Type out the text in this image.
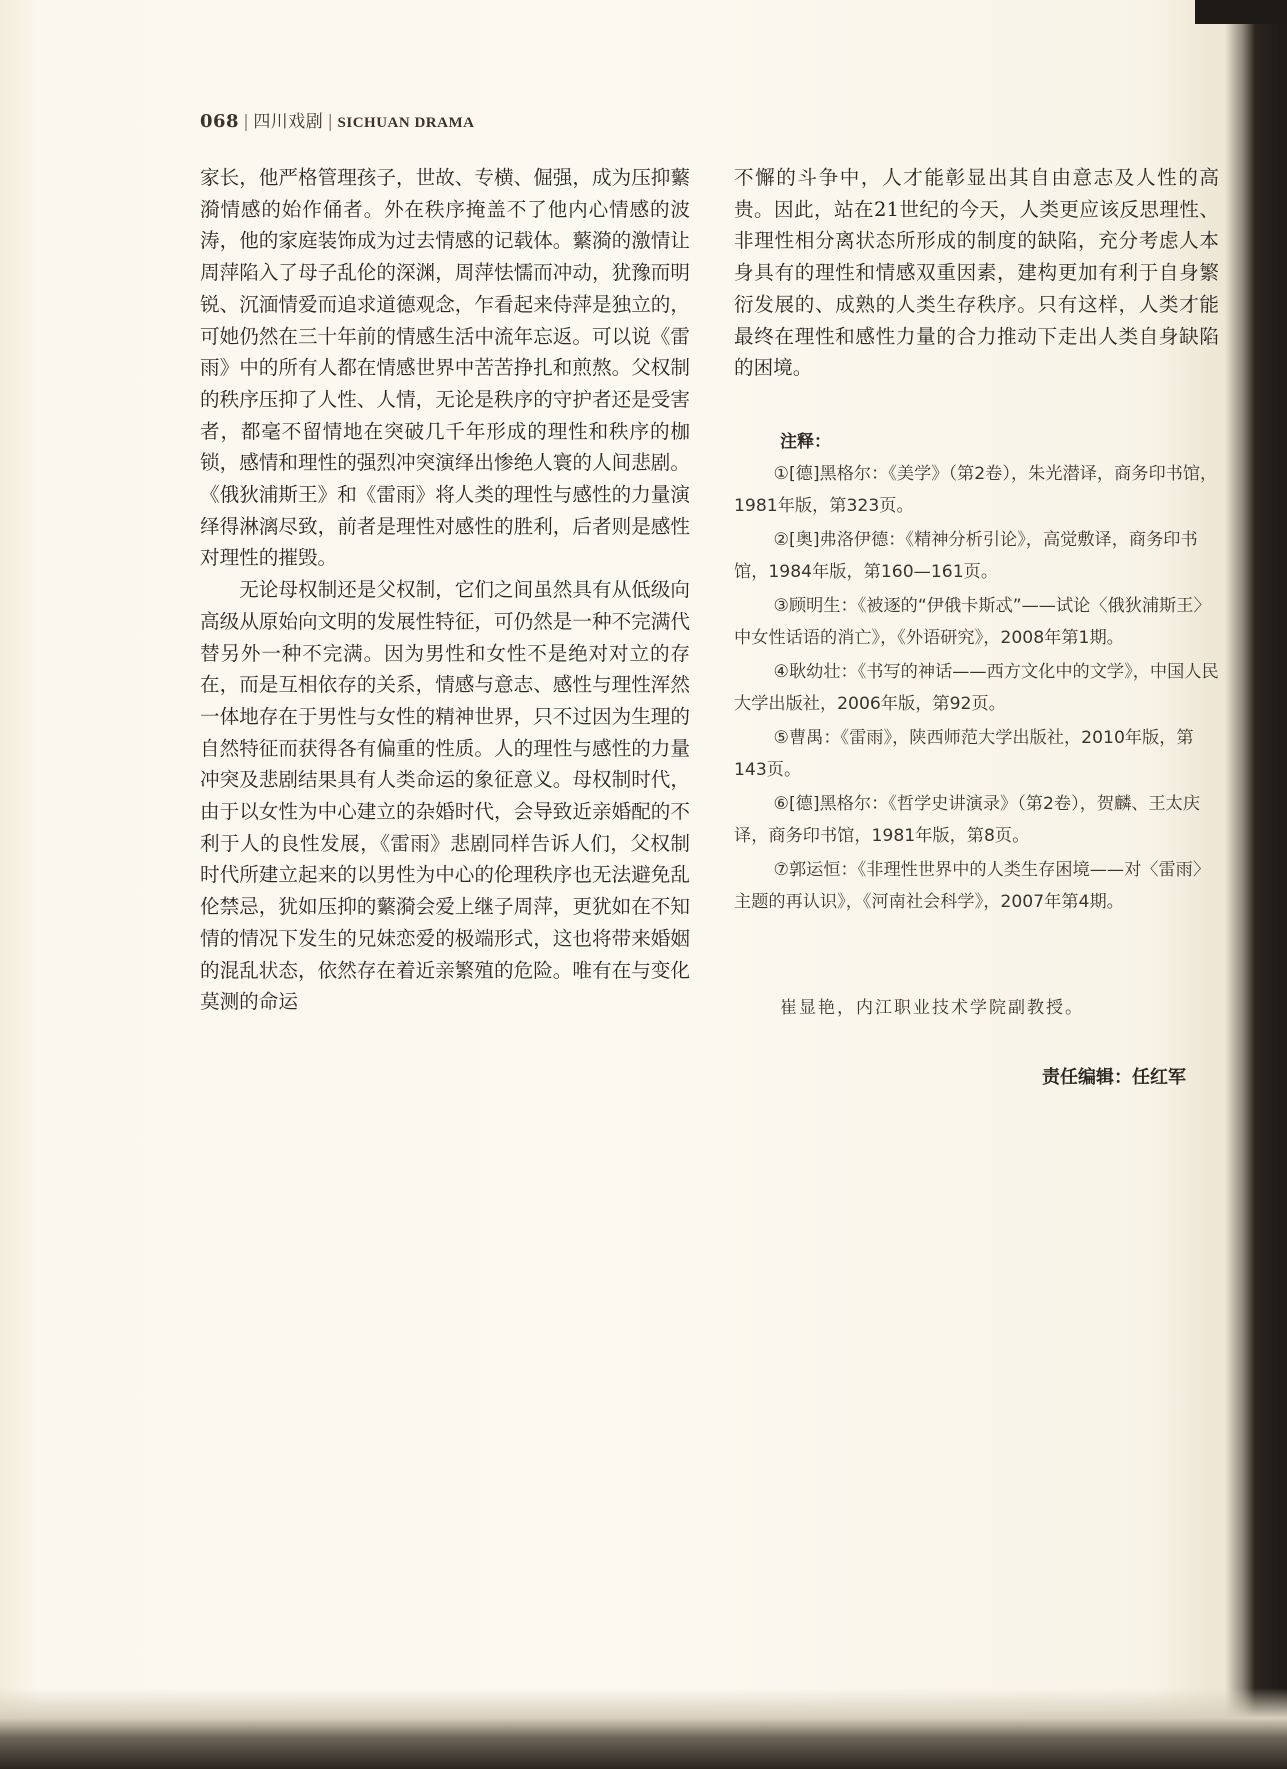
068 | 四川戏剧 | SICHUAN DRAMA

家长，他严格管理孩子，世故、专横、倔强，成为压抑蘩漪情感的始作俑者。外在秩序掩盖不了他内心情感的波涛，他的家庭装饰成为过去情感的记载体。蘩漪的激情让周萍陷入了母子乱伦的深渊，周萍怯懦而冲动，犹豫而明锐、沉湎情爱而追求道德观念，乍看起来侍萍是独立的，可她仍然在三十年前的情感生活中流年忘返。可以说《雷雨》中的所有人都在情感世界中苦苦挣扎和煎熬。父权制的秩序压抑了人性、人情，无论是秩序的守护者还是受害者，都毫不留情地在突破几千年形成的理性和秩序的枷锁，感情和理性的强烈冲突演绎出惨绝人寰的人间悲剧。《俄狄浦斯王》和《雷雨》将人类的理性与感性的力量演绎得淋漓尽致，前者是理性对感性的胜利，后者则是感性对理性的摧毁。

无论母权制还是父权制，它们之间虽然具有从低级向高级从原始向文明的发展性特征，可仍然是一种不完满代替另外一种不完满。因为男性和女性不是绝对对立的存在，而是互相依存的关系，情感与意志、感性与理性浑然一体地存在于男性与女性的精神世界，只不过因为生理的自然特征而获得各有偏重的性质。人的理性与感性的力量冲突及悲剧结果具有人类命运的象征意义。母权制时代，由于以女性为中心建立的杂婚时代，会导致近亲婚配的不利于人的良性发展，《雷雨》悲剧同样告诉人们，父权制时代所建立起来的以男性为中心的伦理秩序也无法避免乱伦禁忌，犹如压抑的蘩漪会爱上继子周萍，更犹如在不知情的情况下发生的兄妹恋爱的极端形式，这也将带来婚姻的混乱状态，依然存在着近亲繁殖的危险。唯有在与变化莫测的命运

不懈的斗争中，人才能彰显出其自由意志及人性的高贵。因此，站在21世纪的今天，人类更应该反思理性、非理性相分离状态所形成的制度的缺陷，充分考虑人本身具有的理性和情感双重因素，建构更加有利于自身繁衍发展的、成熟的人类生存秩序。只有这样，人类才能最终在理性和感性力量的合力推动下走出人类自身缺陷的困境。

注释：

①[德]黑格尔：《美学》（第2卷），朱光潜译，商务印书馆，1981年版，第323页。

②[奥]弗洛伊德：《精神分析引论》，高觉敷译，商务印书馆，1984年版，第160—161页。

③顾明生：《被逐的“伊俄卡斯忒”——试论〈俄狄浦斯王〉中女性话语的消亡》，《外语研究》，2008年第1期。

④耿幼壮：《书写的神话——西方文化中的文学》，中国人民大学出版社，2006年版，第92页。

⑤曹禺：《雷雨》，陕西师范大学出版社，2010年版，第143页。

⑥[德]黑格尔：《哲学史讲演录》（第2卷），贺麟、王太庆译，商务印书馆，1981年版，第8页。

⑦郭运恒：《非理性世界中的人类生存困境——对〈雷雨〉主题的再认识》，《河南社会科学》，2007年第4期。

崔显艳，内江职业技术学院副教授。
责任编辑：任红军
